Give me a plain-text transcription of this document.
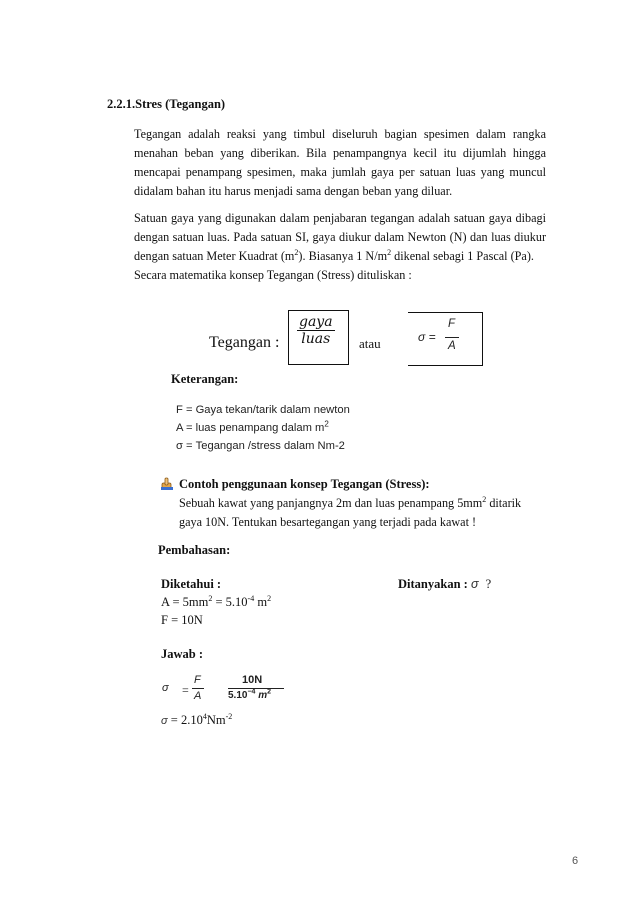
2.2.1.Stres (Tegangan)
Tegangan adalah reaksi yang timbul diseluruh bagian spesimen dalam rangka menahan beban yang diberikan. Bila penampangnya kecil itu dijumlah hingga mencapai penampang spesimen, maka jumlah gaya per satuan luas yang muncul didalam bahan itu harus menjadi sama dengan beban yang diluar.
Satuan gaya yang digunakan dalam penjabaran tegangan adalah satuan gaya dibagi dengan satuan luas. Pada satuan SI, gaya diukur dalam Newton (N) dan luas diukur dengan satuan Meter Kuadrat $(m^2)$. Biasanya 1 $N/m^2$ dikenal sebagi 1 Pascal (Pa).
Secara matematika konsep Tegangan (Stress) dituliskan :
Tegangan :
gaya
luas	atau	σ =
F
A
Keterangan:
F = Gaya tekan/tarik dalam newton
A = luas penampang dalam $m^2$
σ = Tegangan /stress dalam Nm-2
Contoh penggunaan konsep Tegangan (Stress):
Sebuah kawat yang panjangnya 2m dan luas penampang $5mm^2$ ditarik
gaya 10N. Tentukan besartegangan yang terjadi pada kawat !
Pembahasan:
Diketahui :	Ditanyakan : σ ?
$A = 5mm^2 = 5.10^{-4}$ $m^2$
F = 10N
Jawab :
σ =
F
A
10N
$5.10^{-4}$ $m^2$
$\sigma = 2.10^4Nm^{-2}$
6
